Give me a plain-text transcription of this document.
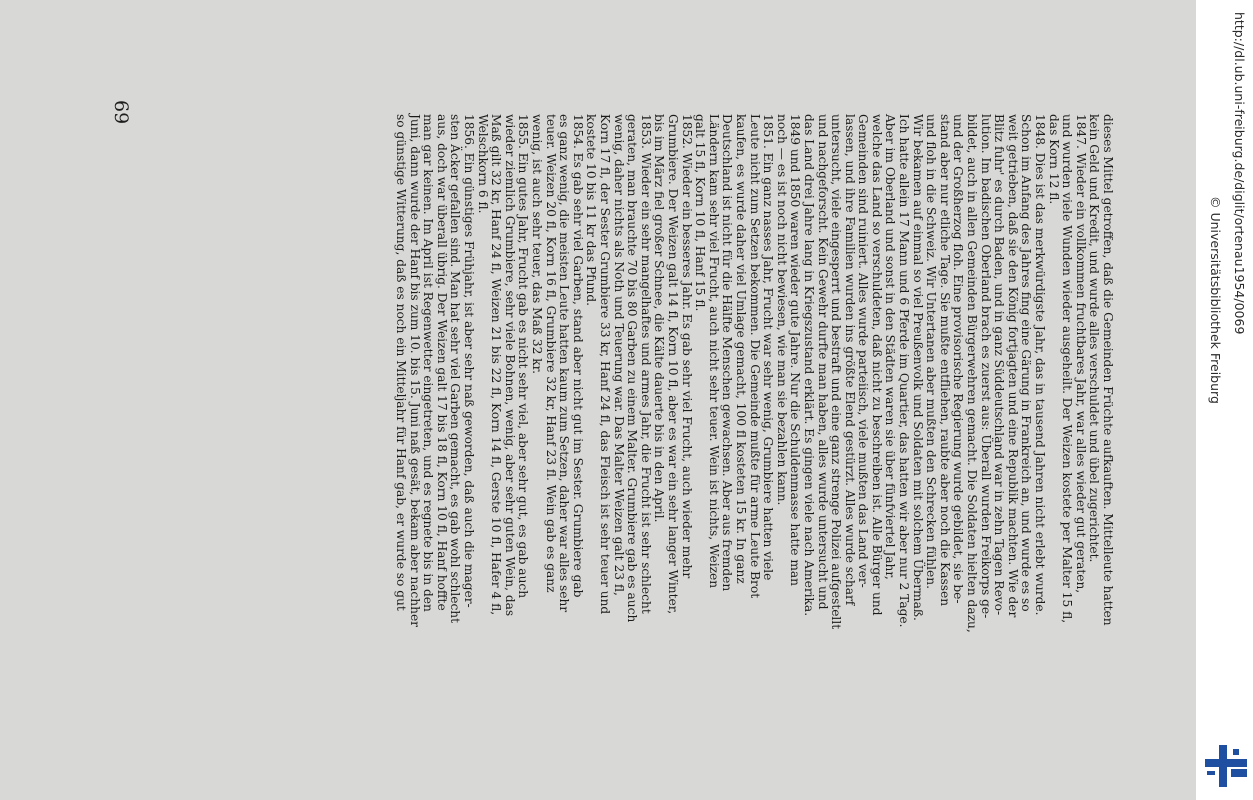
dieses Mittel getroffen, daß die Gemeinden Früchte aufkauften. Mittelleute hatten
kein Geld und Kredit, und wurde alles verschuldet und übel zugerichtet.
1847. Wieder ein vollkommen fruchtbares Jahr, war alles wieder gut geraten,
und wurden viele Wunden wieder ausgeheilt. Der Weizen kostete per Malter 15 fl,
das Korn 12 fl.
1848. Dies ist das merkwürdigste Jahr, das in tausend Jahren nicht erlebt wurde.
Schon im Anfang des Jahres fing eine Gärung in Frankreich an, und wurde es so
weit getrieben, daß sie den König fortjagten und eine Republik machten. Wie der
Blitz fuhr' es durch Baden, und in ganz Süddeutschland war in zehn Tagen Revo-
lution. Im badischen Oberland brach es zuerst aus: Überall wurden Freikorps ge-
bildet, auch in allen Gemeinden Bürgerwehren gemacht. Die Soldaten hielten dazu,
und der Großherzog floh. Eine provisorische Regierung wurde gebildet, sie be-
stand aber nur etliche Tage. Sie mußte entfliehen, raubte aber noch die Kassen
und floh in die Schweiz. Wir Untertanen aber mußten den Schrecken fühlen.
Wir bekamen auf einmal so viel Preußenvolk und Soldaten mit solchem Übermaß.
Ich hatte allein 17 Mann und 6 Pferde im Quartier, das hatten wir aber nur 2 Tage.
Aber im Oberland und sonst in den Städten waren sie über fünfviertel Jahr,
welche das Land so verschuldeten, daß nicht zu beschreiben ist. Alle Bürger und
Gemeinden sind ruiniert. Alles wurde parteiisch, viele mußten das Land ver-
lassen, und ihre Familien wurden ins größte Elend gestürzt. Alles wurde scharf
untersucht, viele eingesperrt und bestraft und eine ganz strenge Polizei aufgestellt
und nachgeforscht. Kein Gewehr durfte man haben, alles wurde untersucht und
das Land drei Jahre lang in Kriegszustand erklärt. Es gingen viele nach Amerika.
1849 und 1850 waren wieder gute Jahre. Nur die Schuldenmasse hatte man
noch — es ist noch nicht bewiesen, wie man sie bezahlen kann.
1851. Ein ganz nasses Jahr, Frucht war sehr wenig, Grumbiere hatten viele
Leute nicht zum Setzen bekommen. Die Gemeinde mußte für arme Leute Brot
kaufen, es wurde daher viel Umlage gemacht, 100 fl kosteten 15 kr. In ganz
Deutschland ist nicht für die Hälfte Menschen gewachsen. Aber aus fremden
Ländern kam sehr viel Frucht, auch nicht sehr teuer. Wein ist nichts, Weizen
galt 15 fl, Korn 10 fl, Hanf 15 fl.
1852. Wieder ein besseres Jahr. Es gab sehr viel Frucht, auch wieder mehr
Grumbiere. Der Weizen galt 14 fl, Korn 10 fl, aber es war ein sehr langer Winter,
bis im März fiel großer Schnee, die Kälte dauerte bis in den April.
1853. Wieder ein sehr mangelhaftes und armes Jahr, die Frucht ist sehr schlecht
geraten, man brauchte 70 bis 80 Garben zu einem Malter. Grumbiere gab es auch
wenig, daher nichts als Noth und Teuerung war. Das Malter Weizen galt 23 fl,
Korn 17 fl, der Sester Grumbiere 33 kr, Hanf 24 fl, das Fleisch ist sehr teuer und
kostete 10 bis 11 kr das Pfund.
1854. Es gab sehr viel Garben, stand aber nicht gut im Sester. Grumbiere gab
es ganz wenig, die meisten Leute hatten kaum zum Setzen, daher war alles sehr
teuer. Weizen 20 fl, Korn 16 fl, Grumbiere 32 kr, Hanf 23 fl. Wein gab es ganz
wenig, ist auch sehr teuer, das Maß 32 kr.
1855. Ein gutes Jahr, Frucht gab es nicht sehr viel, aber sehr gut, es gab auch
wieder ziemlich Grumbiere, sehr viele Bohnen, wenig, aber sehr guten Wein, das
Maß gilt 32 kr, Hanf 24 fl, Weizen 21 bis 22 fl, Korn 14 fl, Gerste 10 fl, Hafer 4 fl,
Welschkorn 6 fl.
1856. Ein günstiges Frühjahr, ist aber sehr naß geworden, daß auch die mager-
sten Äcker gefallen sind. Man hat sehr viel Garben gemacht, es gab wohl schlecht
aus, doch war überall übrig. Der Weizen galt 17 bis 18 fl, Korn 10 fl, Hanf hoffte
man gar keinen. Im April ist Regenwetter eingetreten, und es regnete bis in den
Juni, dann wurde der Hanf bis zum 10. bis 15. Juni naß gesät, bekam aber nachher
so günstige Witterung, daß es noch ein Mitteljahr für Hanf gab, er wurde so gut
69	http://dl.ub.uni-freiburg.de/diglit/ortenau1954/0069
© Universitätsbibliothek Freiburg
